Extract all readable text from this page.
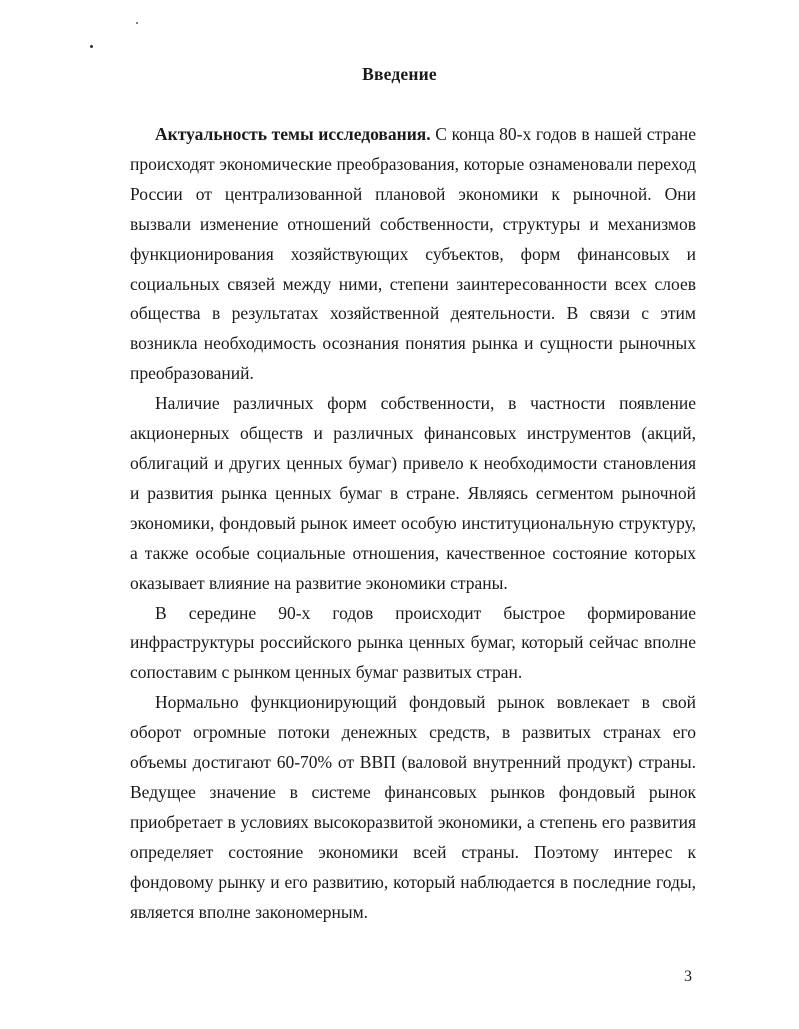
Введение

Актуальность темы исследования. С конца 80-х годов в нашей стране происходят экономические преобразования, которые ознаменовали переход России от централизованной плановой экономики к рыночной. Они вызвали изменение отношений собственности, структуры и механизмов функционирования хозяйствующих субъектов, форм финансовых и социальных связей между ними, степени заинтересованности всех слоев общества в результатах хозяйственной деятельности. В связи с этим возникла необходимость осознания понятия рынка и сущности рыночных преобразований.

Наличие различных форм собственности, в частности появление акционерных обществ и различных финансовых инструментов (акций, облигаций и других ценных бумаг) привело к необходимости становления и развития рынка ценных бумаг в стране. Являясь сегментом рыночной экономики, фондовый рынок имеет особую институциональную структуру, а также особые социальные отношения, качественное состояние которых оказывает влияние на развитие экономики страны.

В середине 90-х годов происходит быстрое формирование инфраструктуры российского рынка ценных бумаг, который сейчас вполне сопоставим с рынком ценных бумаг развитых стран.

Нормально функционирующий фондовый рынок вовлекает в свой оборот огромные потоки денежных средств, в развитых странах его объемы достигают 60-70% от ВВП (валовой внутренний продукт) страны. Ведущее значение в системе финансовых рынков фондовый рынок приобретает в условиях высокоразвитой экономики, а степень его развития определяет состояние экономики всей страны. Поэтому интерес к фондовому рынку и его развитию, который наблюдается в последние годы, является вполне закономерным.

3
